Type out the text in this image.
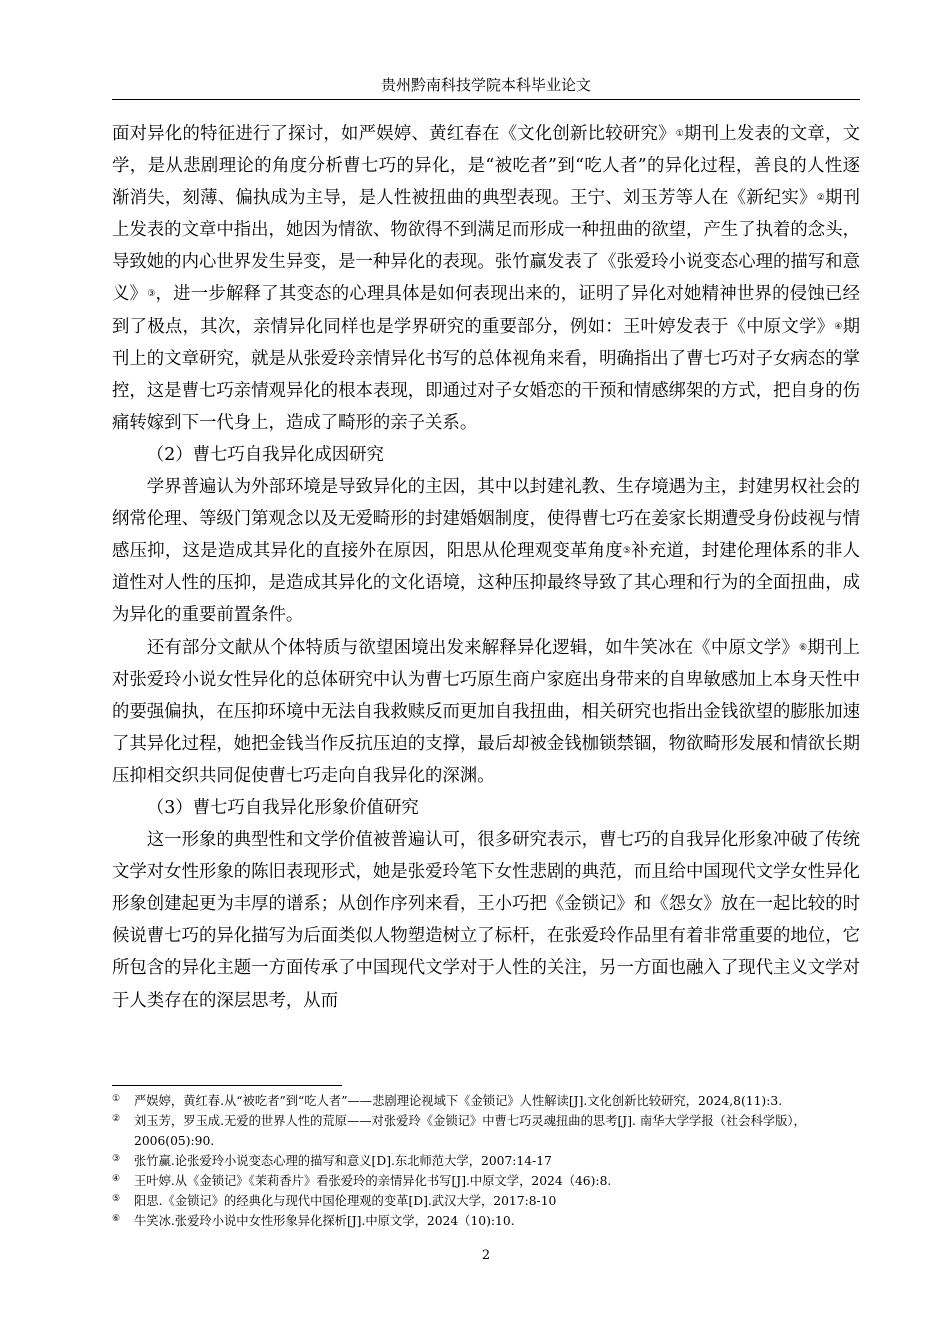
贵州黔南科技学院本科毕业论文

面对异化的特征进行了探讨，如严娱婷、黄红春在《文化创新比较研究》①期刊上发表的文章，文学，是从悲剧理论的角度分析曹七巧的异化，是“被吃者”到“吃人者”的异化过程，善良的人性逐渐消失，刻薄、偏执成为主导，是人性被扭曲的典型表现。王宁、刘玉芳等人在《新纪实》②期刊上发表的文章中指出，她因为情欲、物欲得不到满足而形成一种扭曲的欲望，产生了执着的念头，导致她的内心世界发生异变，是一种异化的表现。张竹赢发表了《张爱玲小说变态心理的描写和意义》③，进一步解释了其变态的心理具体是如何表现出来的，证明了异化对她精神世界的侵蚀已经到了极点，其次，亲情异化同样也是学界研究的重要部分，例如：王叶婷发表于《中原文学》④期刊上的文章研究，就是从张爱玲亲情异化书写的总体视角来看，明确指出了曹七巧对子女病态的掌控，这是曹七巧亲情观异化的根本表现，即通过对子女婚恋的干预和情感绑架的方式，把自身的伤痛转嫁到下一代身上，造成了畸形的亲子关系。

（2）曹七巧自我异化成因研究

学界普遍认为外部环境是导致异化的主因，其中以封建礼教、生存境遇为主，封建男权社会的纲常伦理、等级门第观念以及无爱畸形的封建婚姻制度，使得曹七巧在姜家长期遭受身份歧视与情感压抑，这是造成其异化的直接外在原因，阳思从伦理观变革角度⑤补充道，封建伦理体系的非人道性对人性的压抑，是造成其异化的文化语境，这种压抑最终导致了其心理和行为的全面扭曲，成为异化的重要前置条件。

还有部分文献从个体特质与欲望困境出发来解释异化逻辑，如牛笑冰在《中原文学》⑥期刊上对张爱玲小说女性异化的总体研究中认为曹七巧原生商户家庭出身带来的自卑敏感加上本身天性中的要强偏执，在压抑环境中无法自我救赎反而更加自我扭曲，相关研究也指出金钱欲望的膨胀加速了其异化过程，她把金钱当作反抗压迫的支撑，最后却被金钱枷锁禁锢，物欲畸形发展和情欲长期压抑相交织共同促使曹七巧走向自我异化的深渊。

（3）曹七巧自我异化形象价值研究

这一形象的典型性和文学价值被普遍认可，很多研究表示，曹七巧的自我异化形象冲破了传统文学对女性形象的陈旧表现形式，她是张爱玲笔下女性悲剧的典范，而且给中国现代文学女性异化形象创建起更为丰厚的谱系；从创作序列来看，王小巧把《金锁记》和《怨女》放在一起比较的时候说曹七巧的异化描写为后面类似人物塑造树立了标杆，在张爱玲作品里有着非常重要的地位，它所包含的异化主题一方面传承了中国现代文学对于人性的关注，另一方面也融入了现代主义文学对于人类存在的深层思考，从而

①	严娱婷，黄红春.从“被吃者”到“吃人者”——悲剧理论视域下《金锁记》人性解读[J].文化创新比较研究，2024,8(11):3.
②	刘玉芳，罗玉成.无爱的世界人性的荒原——对张爱玲《金锁记》中曹七巧灵魂扭曲的思考[J]. 南华大学学报（社会科学版），2006(05):90.
③	张竹赢.论张爱玲小说变态心理的描写和意义[D].东北师范大学，2007:14-17
④	王叶婷.从《金锁记》《茉莉香片》看张爱玲的亲情异化书写[J].中原文学，2024（46):8.
⑤	阳思.《金锁记》的经典化与现代中国伦理观的变革[D].武汉大学，2017:8-10
⑥	牛笑冰.张爱玲小说中女性形象异化探析[J].中原文学，2024（10):10.
2
